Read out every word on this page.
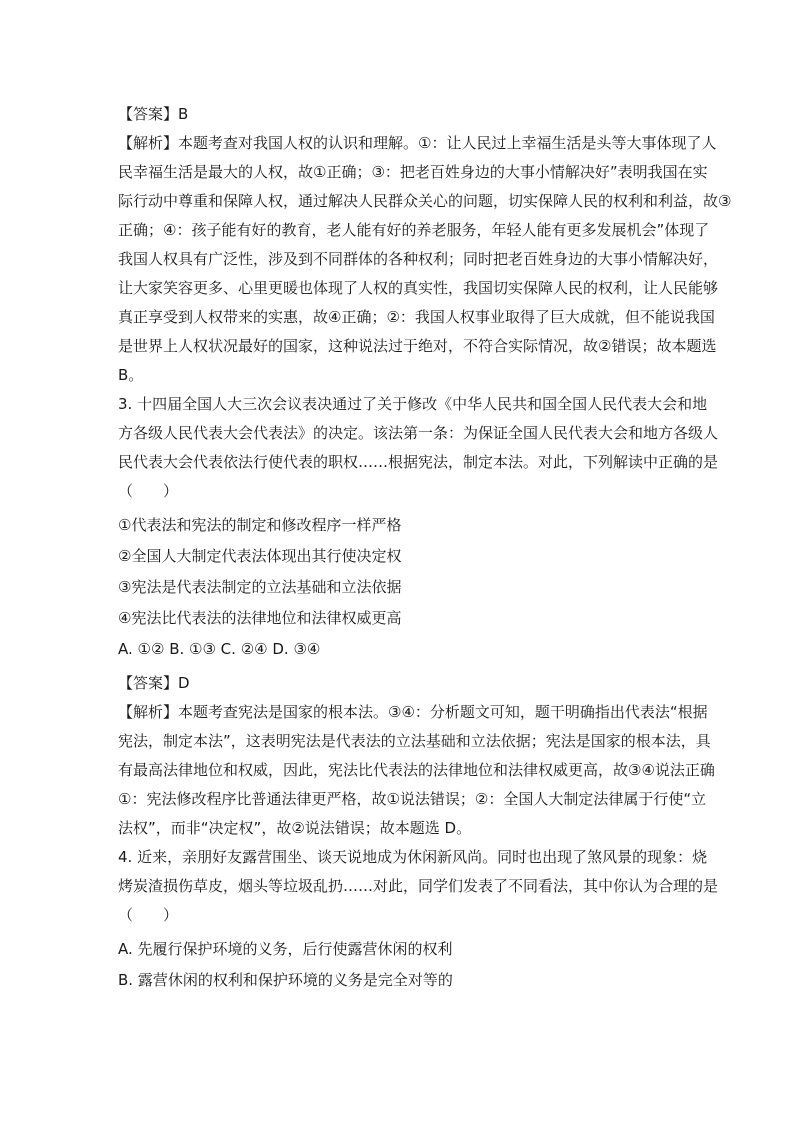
【答案】B
【解析】本题考查对我国人权的认识和理解。①：让人民过上幸福生活是头等大事体现了人
民幸福生活是最大的人权，故①正确；③：把老百姓身边的大事小情解决好”表明我国在实
际行动中尊重和保障人权，通过解决人民群众关心的问题，切实保障人民的权利和利益，故③
正确；④：孩子能有好的教育，老人能有好的养老服务，年轻人能有更多发展机会”体现了
我国人权具有广泛性，涉及到不同群体的各种权利；同时把老百姓身边的大事小情解决好，
让大家笑容更多、心里更暖也体现了人权的真实性，我国切实保障人民的权利，让人民能够
真正享受到人权带来的实惠，故④正确；②：我国人权事业取得了巨大成就，但不能说我国
是世界上人权状况最好的国家，这种说法过于绝对，不符合实际情况，故②错误；故本题选
B。
3. 十四届全国人大三次会议表决通过了关于修改《中华人民共和国全国人民代表大会和地
方各级人民代表大会代表法》的决定。该法第一条：为保证全国人民代表大会和地方各级人
民代表大会代表依法行使代表的职权……根据宪法，制定本法。对此，下列解读中正确的是
（　　）
①代表法和宪法的制定和修改程序一样严格
②全国人大制定代表法体现出其行使决定权
③宪法是代表法制定的立法基础和立法依据
④宪法比代表法的法律地位和法律权威更高
A. ①② B. ①③ C. ②④ D. ③④
【答案】D
【解析】本题考查宪法是国家的根本法。③④：分析题文可知，题干明确指出代表法“根据
宪法，制定本法”，这表明宪法是代表法的立法基础和立法依据；宪法是国家的根本法，具
有最高法律地位和权威，因此，宪法比代表法的法律地位和法律权威更高，故③④说法正确
①：宪法修改程序比普通法律更严格，故①说法错误；②：全国人大制定法律属于行使“立
法权”，而非“决定权”，故②说法错误；故本题选 D。
4. 近来，亲朋好友露营围坐、谈天说地成为休闲新风尚。同时也出现了煞风景的现象：烧
烤炭渣损伤草皮，烟头等垃圾乱扔……对此，同学们发表了不同看法，其中你认为合理的是
（　　）
A. 先履行保护环境的义务，后行使露营休闲的权利
B. 露营休闲的权利和保护环境的义务是完全对等的
